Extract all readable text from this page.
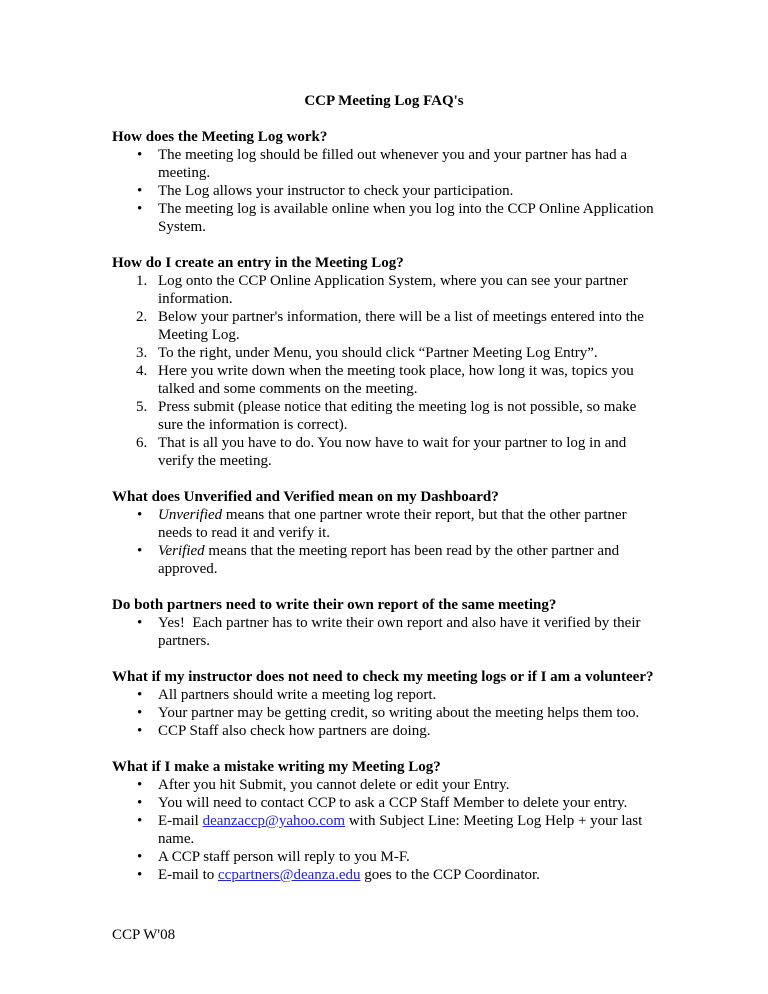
CCP Meeting Log FAQ's
How does the Meeting Log work?
• The meeting log should be filled out whenever you and your partner has had a meeting.
• The Log allows your instructor to check your participation.
• The meeting log is available online when you log into the CCP Online Application System.
How do I create an entry in the Meeting Log?
Log onto the CCP Online Application System, where you can see your partner information.
Below your partner's information, there will be a list of meetings entered into the Meeting Log.
To the right, under Menu, you should click “Partner Meeting Log Entry”.
Here you write down when the meeting took place, how long it was, topics you talked and some comments on the meeting.
Press submit (please notice that editing the meeting log is not possible, so make sure the information is correct).
That is all you have to do. You now have to wait for your partner to log in and verify the meeting.
What does Unverified and Verified mean on my Dashboard?
• Unverified means that one partner wrote their report, but that the other partner needs to read it and verify it.
• Verified means that the meeting report has been read by the other partner and approved.
Do both partners need to write their own report of the same meeting?
• Yes!  Each partner has to write their own report and also have it verified by their partners.
What if my instructor does not need to check my meeting logs or if I am a volunteer?
• All partners should write a meeting log report.
• Your partner may be getting credit, so writing about the meeting helps them too.
• CCP Staff also check how partners are doing.
What if I make a mistake writing my Meeting Log?
• After you hit Submit, you cannot delete or edit your Entry.
• You will need to contact CCP to ask a CCP Staff Member to delete your entry.
• E-mail deanzaccp@yahoo.com with Subject Line: Meeting Log Help + your last name.
• A CCP staff person will reply to you M-F.
• E-mail to ccpartners@deanza.edu goes to the CCP Coordinator.
CCP W'08
